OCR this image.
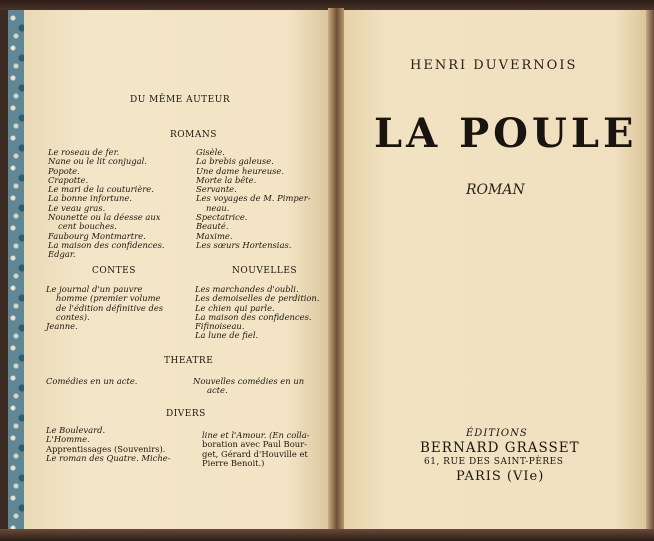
DU MÊME AUTEUR
ROMANS
Le roseau de fer.
Nane ou le lit conjugal.
Popote.
Crapotte.
Le mari de la couturière.
La bonne infortune.
Le veau gras.
Nounette ou la déesse aux
cent bouches.
Faubourg Montmartre.
La maison des confidences.
Edgar.
Gisèle.
La brebis galeuse.
Une dame heureuse.
Morte la bête.
Servante.
Les voyages de M. Pimper-
neau.
Spectatrice.
Beauté.
Maxime.
Les sœurs Hortensias.
CONTES	NOUVELLES
Le journal d'un pauvre
homme (premier volume
de l'édition définitive des
contes).
Jeanne.
Les marchandes d'oubli.
Les demoiselles de perdition.
Le chien qui parle.
La maison des confidences.
Fifinoiseau.
La lune de fiel.
THEATRE
Comédies en un acte.	Nouvelles comédies en un
acte.
DIVERS
Le Boulevard.
L'Homme.
Apprentissages (Souvenirs).
Le roman des Quatre. Miche-
line et l'Amour. (En colla-
boration avec Paul Bour-
get, Gérard d'Houville et
Pierre Benoit.)
HENRI DUVERNOIS
LA POULE
ROMAN
ÉDITIONS
BERNARD GRASSET
61, RUE DES SAINT-PÈRES
PARIS (VIe)
